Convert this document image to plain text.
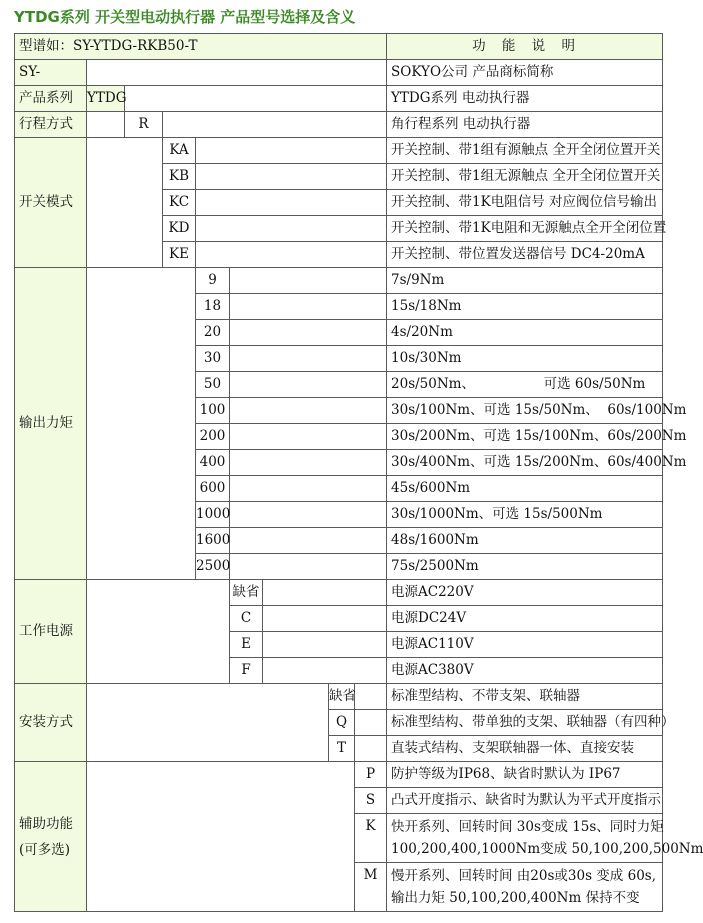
YTDG系列 开关型电动执行器 产品型号选择及含义
型谱如：SY-YTDG-RKB50-T									功 能 说 明
SY-									SOKYO公司 产品商标简称
产品系列	YTDG								YTDG系列 电动执行器
行程方式		R							角行程系列 电动执行器
开关模式			KA						开关控制、带1组有源触点 全开全闭位置开关
			KB						开关控制、带1组无源触点 全开全闭位置开关
			KC						开关控制、带1K电阻信号 对应阀位信号输出
			KD						开关控制、带1K电阻和无源触点全开全闭位置
			KE						开关控制、带位置发送器信号 DC4-20mA
输出力矩				9					7s/9Nm
				18					15s/18Nm
				20					4s/20Nm
				30					10s/30Nm
				50					20s/50Nm、                可选 60s/50Nm
				100					30s/100Nm、可选 15s/50Nm、  60s/100Nm
				200					30s/200Nm、可选 15s/100Nm、60s/200Nm
				400					30s/400Nm、可选 15s/200Nm、60s/400Nm
				600					45s/600Nm
				1000					30s/1000Nm、可选 15s/500Nm
				1600					48s/1600Nm
				2500					75s/2500Nm
工作电源					缺省				电源AC220V
					C				电源DC24V
					E				电源AC110V
					F				电源AC380V
安装方式							缺省		标准型结构、不带支架、联轴器
							Q		标准型结构、带单独的支架、联轴器（有四种）
							T		直装式结构、支架联轴器一体、直接安装
辅助功能
(可多选)								P	防护等级为IP68、缺省时默认为 IP67
								S	凸式开度指示、缺省时为默认为平式开度指示
								K	快开系列、回转时间 30s变成 15s、同时力矩
100,200,400,1000Nm变成 50,100,200,500Nm
								M	慢开系列、回转时间 由20s或30s 变成 60s,
输出力矩 50,100,200,400Nm 保持不变
